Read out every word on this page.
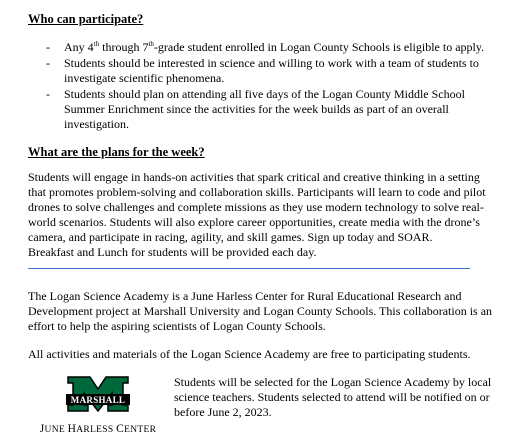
Who can participate?
- Any 4th through 7th-grade student enrolled in Logan County Schools is eligible to apply.
- Students should be interested in science and willing to work with a team of students to investigate scientific phenomena.
- Students should plan on attending all five days of the Logan County Middle School Summer Enrichment since the activities for the week builds as part of an overall investigation.
What are the plans for the week?

Students will engage in hands-on activities that spark critical and creative thinking in a setting that promotes problem-solving and collaboration skills. Participants will learn to code and pilot drones to solve challenges and complete missions as they use modern technology to solve real-world scenarios. Students will also explore career opportunities, create media with the drone’s camera, and participate in racing, agility, and skill games. Sign up today and SOAR.

Breakfast and Lunch for students will be provided each day.

The Logan Science Academy is a June Harless Center for Rural Educational Research and Development project at Marshall University and Logan County Schools. This collaboration is an effort to help the aspiring scientists of Logan County Schools.

All activities and materials of the Logan Science Academy are free to participating students.

MARSHALL
JUNE HARLESS CENTER

Students will be selected for the Logan Science Academy by local science teachers. Students selected to attend will be notified on or before June 2, 2023.
